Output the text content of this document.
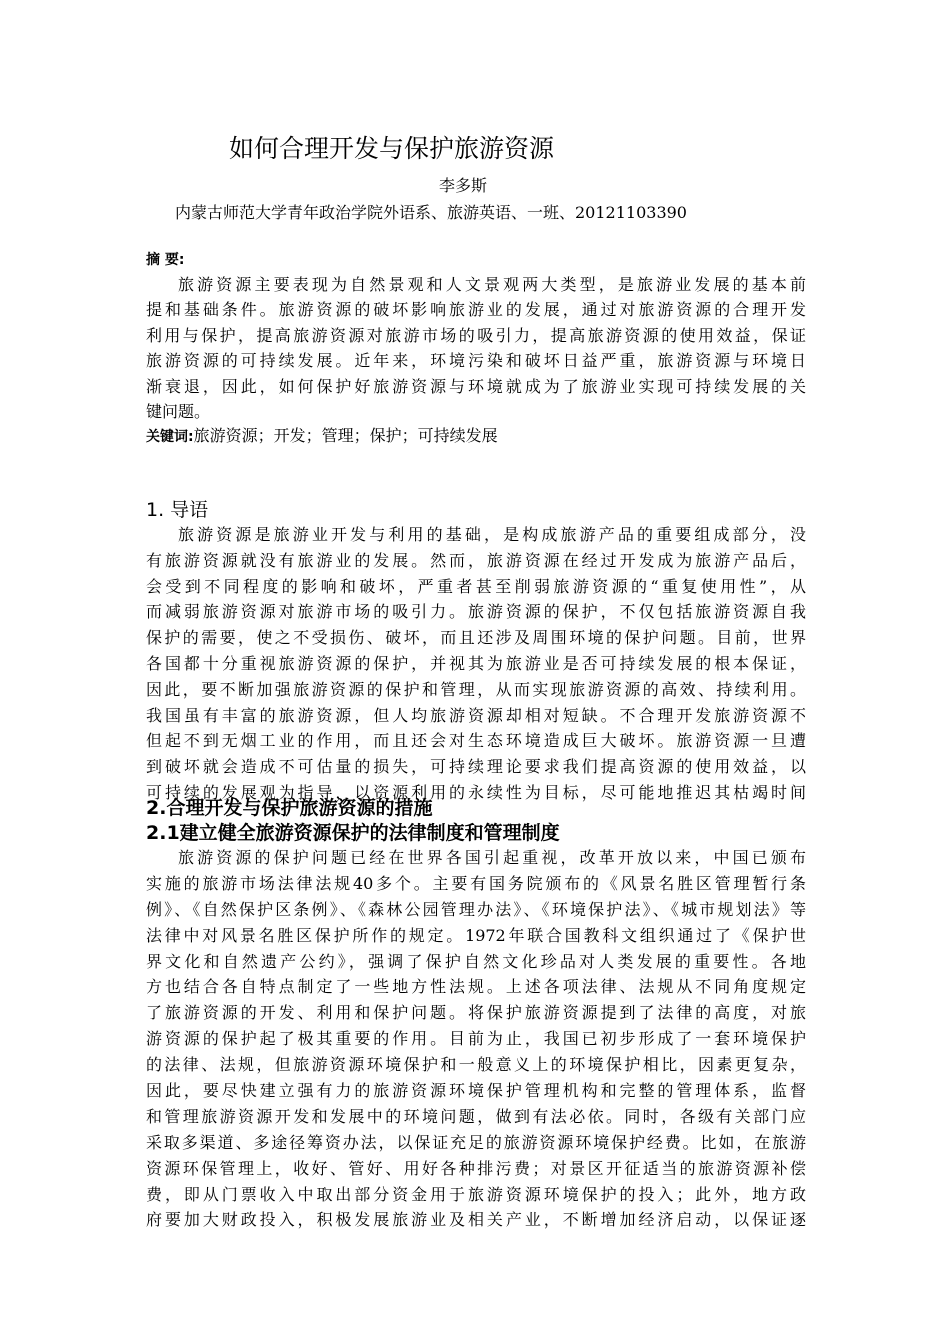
如何合理开发与保护旅游资源
李多斯
内蒙古师范大学青年政治学院外语系、旅游英语、一班、20121103390
摘 要:
旅游资源主要表现为自然景观和人文景观两大类型，是旅游业发展的基本前
提和基础条件。旅游资源的破坏影响旅游业的发展，通过对旅游资源的合理开发
利用与保护，提高旅游资源对旅游市场的吸引力，提高旅游资源的使用效益，保证
旅游资源的可持续发展。近年来，环境污染和破坏日益严重，旅游资源与环境日
渐衰退，因此，如何保护好旅游资源与环境就成为了旅游业实现可持续发展的关
键问题。
关键词:旅游资源；开发；管理；保护；可持续发展
1. 导语
旅游资源是旅游业开发与利用的基础，是构成旅游产品的重要组成部分，没
有旅游资源就没有旅游业的发展。然而，旅游资源在经过开发成为旅游产品后，
会受到不同程度的影响和破坏，严重者甚至削弱旅游资源的“重复使用性”，从
而减弱旅游资源对旅游市场的吸引力。旅游资源的保护，不仅包括旅游资源自我
保护的需要，使之不受损伤、破坏，而且还涉及周围环境的保护问题。目前，世界
各国都十分重视旅游资源的保护，并视其为旅游业是否可持续发展的根本保证，
因此，要不断加强旅游资源的保护和管理，从而实现旅游资源的高效、持续利用。
我国虽有丰富的旅游资源，但人均旅游资源却相对短缺。不合理开发旅游资源不
但起不到无烟工业的作用，而且还会对生态环境造成巨大破坏。旅游资源一旦遭
到破坏就会造成不可估量的损失，可持续理论要求我们提高资源的使用效益，以
可持续的发展观为指导，以资源利用的永续性为目标，尽可能地推迟其枯竭时间
2.合理开发与保护旅游资源的措施
2.1建立健全旅游资源保护的法律制度和管理制度
旅游资源的保护问题已经在世界各国引起重视，改革开放以来，中国已颁布
实施的旅游市场法律法规40多个。主要有国务院颁布的《风景名胜区管理暂行条
例》、《自然保护区条例》、《森林公园管理办法》、《环境保护法》、《城市规划法》等
法律中对风景名胜区保护所作的规定。1972年联合国教科文组织通过了《保护世
界文化和自然遗产公约》，强调了保护自然文化珍品对人类发展的重要性。各地
方也结合各自特点制定了一些地方性法规。上述各项法律、法规从不同角度规定
了旅游资源的开发、利用和保护问题。将保护旅游资源提到了法律的高度，对旅
游资源的保护起了极其重要的作用。目前为止，我国已初步形成了一套环境保护
的法律、法规，但旅游资源环境保护和一般意义上的环境保护相比，因素更复杂，
因此，要尽快建立强有力的旅游资源环境保护管理机构和完整的管理体系，监督
和管理旅游资源开发和发展中的环境问题，做到有法必依。同时，各级有关部门应
采取多渠道、多途径筹资办法，以保证充足的旅游资源环境保护经费。比如，在旅游
资源环保管理上，收好、管好、用好各种排污费；对景区开征适当的旅游资源补偿
费，即从门票收入中取出部分资金用于旅游资源环境保护的投入；此外，地方政
府要加大财政投入，积极发展旅游业及相关产业，不断增加经济启动，以保证逐
